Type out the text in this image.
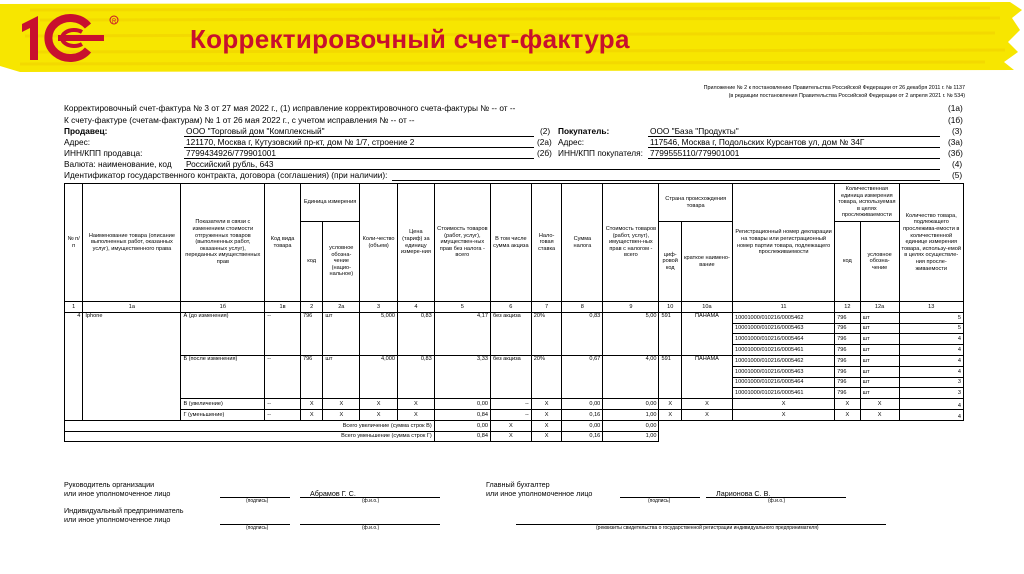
R
Корректировочный счет-фактура
Приложение № 2 к постановлению Правительства Российской Федерации от 26 декабря 2011 г. № 1137
(в редакции постановления Правительства Российской Федерации от 2 апреля 2021 г. № 534)
Корректировочный счет-фактура № 3 от 27 мая 2022 г., (1) исправление корректировочного счета-фактуры № -- от --	(1а)
К счету-фактуре (счетам-фактурам) № 1 от 26 мая 2022 г., с учетом исправления № -- от --	(1б)
Продавец:	ООО "Торговый дом "Комплексный"	(2) Покупатель:	ООО "База "Продукты"	(3)
Адрес:	121170, Москва г, Кутузовский пр-кт, дом № 1/7, строение 2	(2а) Адрес:	117546, Москва г, Подольских Курсантов ул, дом № 34Г	(3а)
ИНН/КПП продавца:	7799434926/779901001	(2б) ИНН/КПП покупателя: 7799555110/779901001	(3б)
Валюта: наименование, код Российский рубль, 643	(4)
Идентификатор государственного контракта, договора (соглашения) (при наличии):	(5)
№ п/п	Наименование товара (описание выполненных работ, оказанных услуг), имущественного права	Показатели в связи с изменением стоимости отгруженных товаров (выполненных работ, оказанных услуг), переданных имущественных прав	Код вида товара	Единица измерения		Коли-чество (объем)	Цена (тариф) за единицу измере-ния	Стоимость товаров (работ, услуг), имуществен-ных прав без налога - всего	В том числе сумма акциза	Нало-говая ставка	Сумма налога	Стоимость товаров (работ, услуг), имуществен-ных прав с налогом - всего	Страна происхождения товара		Регистрационный номер декларации на товары или регистрационный номер партии товара, подлежащего прослеживаемости	Количественная единица измерения товара, используемая в целях прослеживаемости		Количество товара, подлежащего прослежива-емости в количественной единице измерения товара, использу-емой в целях осуществле-ния просле-живаемости
				код	условное обозна-чение (нацио-нальное)								циф-ровой код	краткое наимено-вание		код	условное обозна-чение	
1	1а	1б	1в	2	2а	3	4	5	6	7	8	9	10	10а	11	12	12а	13
4	Iphone	А (до изменения)	--	796	шт	5,000	0,83	4,17	без акциза	20%	0,83	5,00	591	ПАНАМА	10001000/010216/0005462	796	шт	5
															10001000/010216/0005463	796	шт	5
															10001000/010216/0005464	796	шт	4
															10001000/010216/0005461	796	шт	4
		Б (после изменения)	--	796	шт	4,000	0,83	3,33	без акциза	20%	0,67	4,00	591	ПАНАМА	10001000/010216/0005462	796	шт	4
															10001000/010216/0005463	796	шт	4
															10001000/010216/0005464	796	шт	3
															10001000/010216/0005461	796	шт	3
		В (увеличение)	--	X	X	X	X	0,00	--	X	0,00	0,00	X	X	X	X	X	4
		Г (уменьшение)	--	X	X	X	X	0,84	--	X	0,16	1,00	X	X	X	X	X	4
Всего увеличение (сумма строк В)								0,00	X	X	0,00	0,00						
Всего уменьшение (сумма строк Г)								0,84	X	X	0,16	1,00						
Руководитель организации
или иное уполномоченное лицо
(подпись)
Абрамов Г. С.
(ф.и.о.)
Главный бухгалтер
или иное уполномоченное лицо
(подпись)
Ларионова С. В.
(ф.и.о.)
Индивидуальный предприниматель
или иное уполномоченное лицо
(подпись)	(ф.и.о.)	(реквизиты свидетельства о государственной регистрации индивидуального предпринимателя)
